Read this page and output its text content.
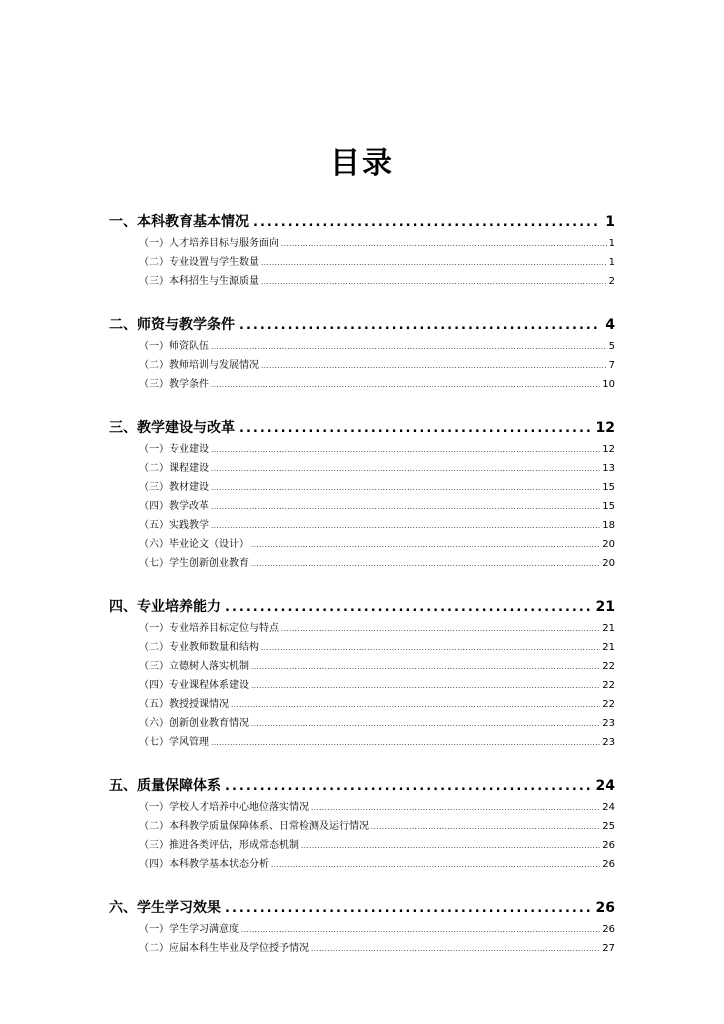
目录
一、本科教育基本情况 .....	1
（一）人才培养目标与服务面向 .....	1
（二）专业设置与学生数量 .....	1
（三）本科招生与生源质量 .....	2
二、师资与教学条件 .....	4
（一）师资队伍 .....	5
（二）教师培训与发展情况 .....	7
（三）教学条件 .....	10
三、教学建设与改革 .....	12
（一）专业建设 .....	12
（二）课程建设 .....	13
（三）教材建设 .....	15
（四）教学改革 .....	15
（五）实践教学 .....	18
（六）毕业论文（设计） .....	20
（七）学生创新创业教育 .....	20
四、专业培养能力 .....	21
（一）专业培养目标定位与特点 .....	21
（二）专业教师数量和结构 .....	21
（三）立德树人落实机制 .....	22
（四）专业课程体系建设 .....	22
（五）教授授课情况 .....	22
（六）创新创业教育情况 .....	23
（七）学风管理 .....	23
五、质量保障体系 .....	24
（一）学校人才培养中心地位落实情况 .....	24
（二）本科教学质量保障体系、日常检测及运行情况 .....	25
（三）推进各类评估，形成常态机制 .....	26
（四）本科教学基本状态分析 .....	26
六、学生学习效果 .....	26
（一）学生学习满意度 .....	26
（二）应届本科生毕业及学位授予情况 .....	27
